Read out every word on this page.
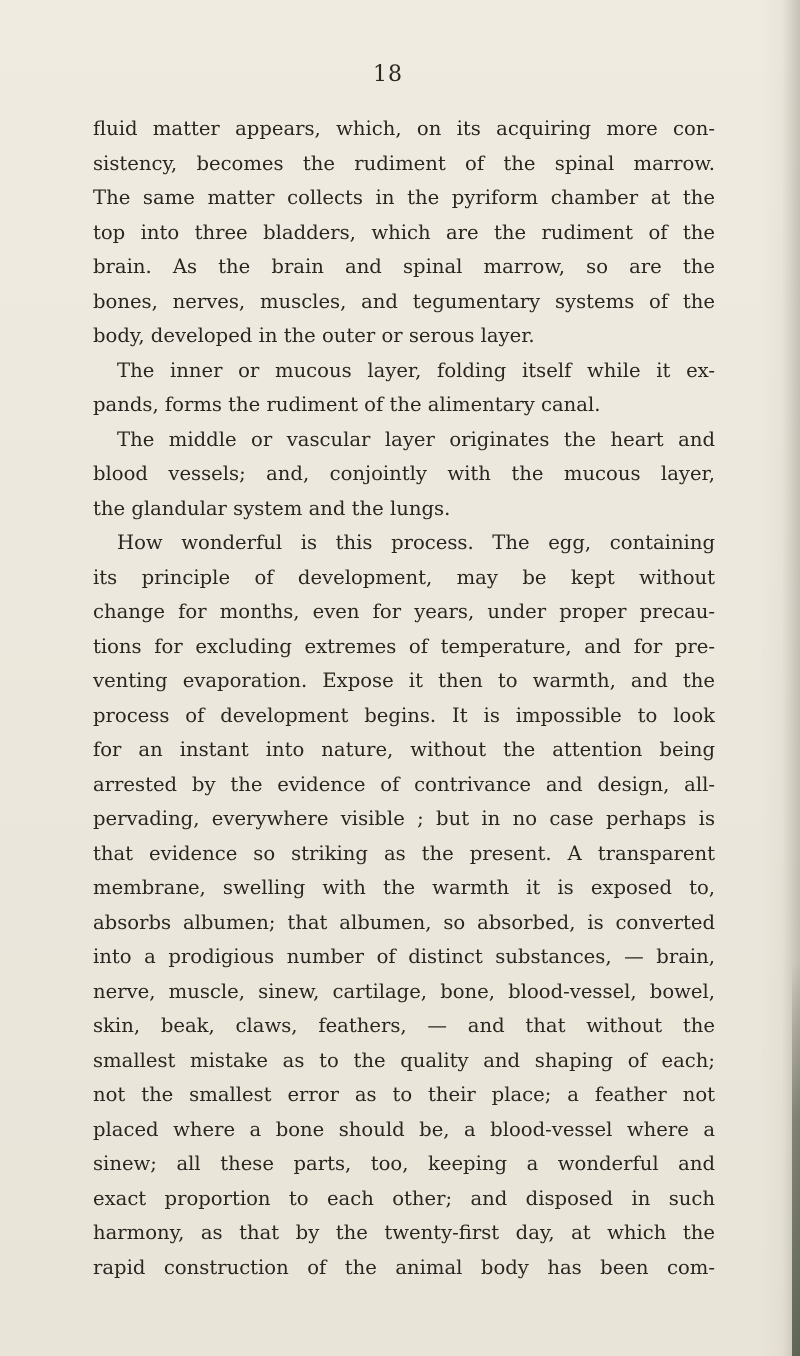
18
fluid matter appears, which, on its acquiring more con-
sistency, becomes the rudiment of the spinal marrow.
The same matter collects in the pyriform chamber at the
top into three bladders, which are the rudiment of the
brain. As the brain and spinal marrow, so are the
bones, nerves, muscles, and tegumentary systems of the
body, developed in the outer or serous layer.
The inner or mucous layer, folding itself while it ex-
pands, forms the rudiment of the alimentary canal.
The middle or vascular layer originates the heart and
blood vessels; and, conjointly with the mucous layer,
the glandular system and the lungs.
How wonderful is this process. The egg, containing
its principle of development, may be kept without
change for months, even for years, under proper precau-
tions for excluding extremes of temperature, and for pre-
venting evaporation. Expose it then to warmth, and the
process of development begins. It is impossible to look
for an instant into nature, without the attention being
arrested by the evidence of contrivance and design, all-
pervading, everywhere visible ; but in no case perhaps is
that evidence so striking as the present. A transparent
membrane, swelling with the warmth it is exposed to,
absorbs albumen; that albumen, so absorbed, is converted
into a prodigious number of distinct substances, — brain,
nerve, muscle, sinew, cartilage, bone, blood-vessel, bowel,
skin, beak, claws, feathers, — and that without the
smallest mistake as to the quality and shaping of each;
not the smallest error as to their place; a feather not
placed where a bone should be, a blood-vessel where a
sinew; all these parts, too, keeping a wonderful and
exact proportion to each other; and disposed in such
harmony, as that by the twenty-first day, at which the
rapid construction of the animal body has been com-
